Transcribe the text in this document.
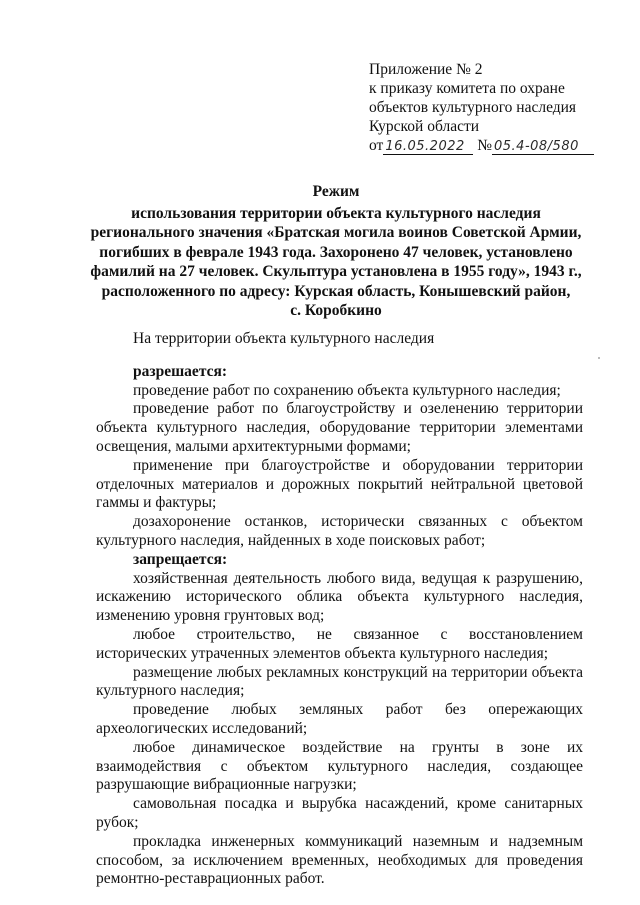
Приложение № 2
к приказу комитета по охране
объектов культурного наследия
Курской области
от 16.05.2022 № 05.4-08/580
Режим
использования территории объекта культурного наследия
регионального значения «Братская могила воинов Советской Армии,
погибших в феврале 1943 года. Захоронено 47 человек, установлено
фамилий на 27 человек. Скульптура установлена в 1955 году», 1943 г.,
расположенного по адресу: Курская область, Конышевский район,
с. Коробкино

На территории объекта культурного наследия

разрешается:

проведение работ по сохранению объекта культурного наследия;

проведение работ по благоустройству и озеленению территории объекта культурного наследия, оборудование территории элементами освещения, малыми архитектурными формами;

применение при благоустройстве и оборудовании территории отделочных материалов и дорожных покрытий нейтральной цветовой гаммы и фактуры;

дозахоронение останков, исторически связанных с объектом культурного наследия, найденных в ходе поисковых работ;

запрещается:

хозяйственная деятельность любого вида, ведущая к разрушению, искажению исторического облика объекта культурного наследия, изменению уровня грунтовых вод;

любое строительство, не связанное с восстановлением исторических утраченных элементов объекта культурного наследия;

размещение любых рекламных конструкций на территории объекта культурного наследия;

проведение любых земляных работ без опережающих археологических исследований;

любое динамическое воздействие на грунты в зоне их взаимодействия с объектом культурного наследия, создающее разрушающие вибрационные нагрузки;

самовольная посадка и вырубка насаждений, кроме санитарных рубок;

прокладка инженерных коммуникаций наземным и надземным способом, за исключением временных, необходимых для проведения ремонтно-реставрационных работ.
